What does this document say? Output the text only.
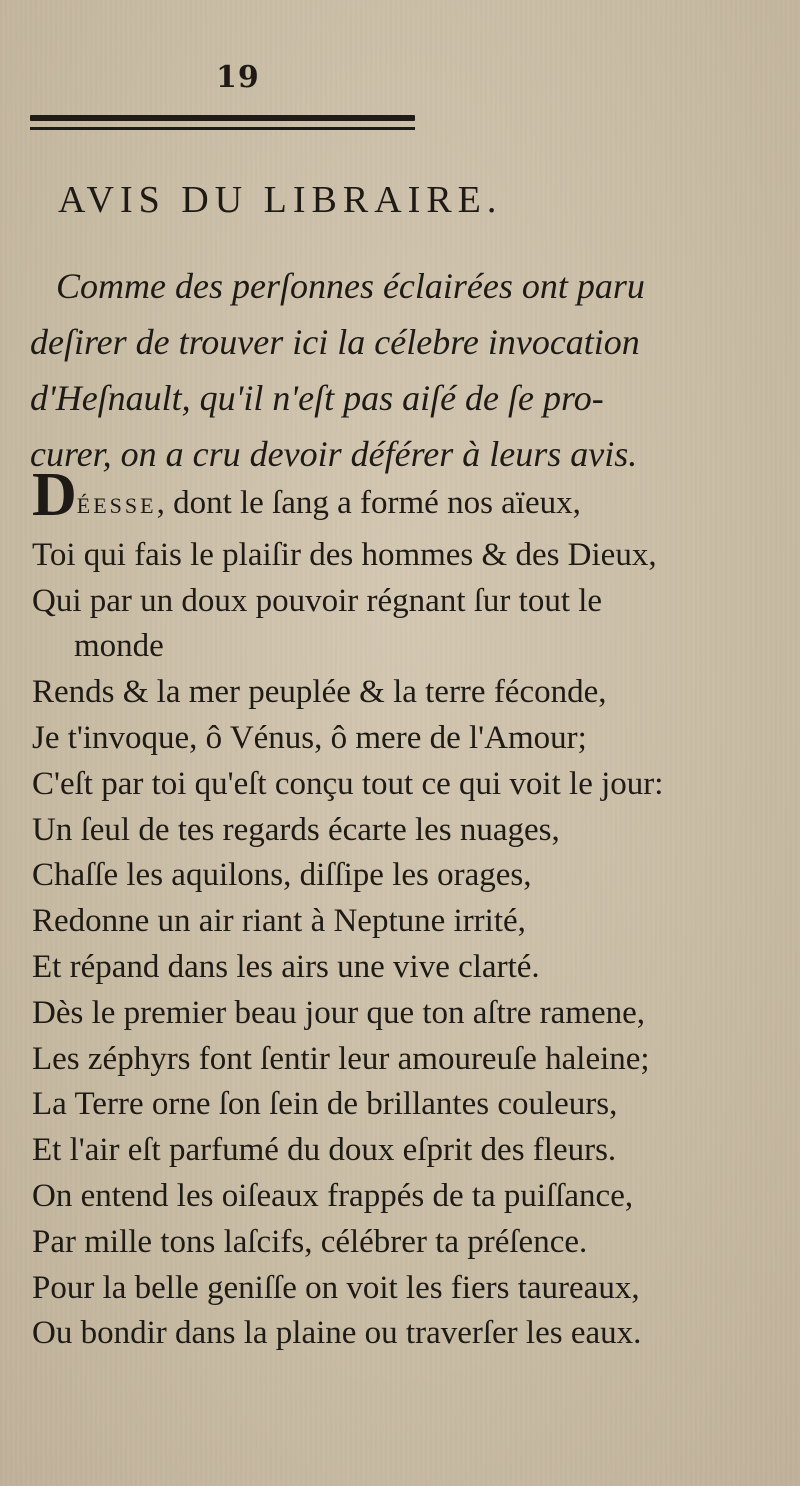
19
AVIS DU LIBRAIRE.
Comme des perſonnes éclairées ont paru
deſirer de trouver ici la célebre invocation
d'Heſnault, qu'il n'eſt pas aiſé de ſe pro-
curer, on a cru devoir déférer à leurs avis.
DÉESSE, dont le ſang a formé nos aïeux,
Toi qui fais le plaiſir des hommes & des Dieux,
Qui par un doux pouvoir régnant ſur tout le
monde
Rends & la mer peuplée & la terre féconde,
Je t'invoque, ô Vénus, ô mere de l'Amour;
C'eſt par toi qu'eſt conçu tout ce qui voit le jour:
Un ſeul de tes regards écarte les nuages,
Chaſſe les aquilons, diſſipe les orages,
Redonne un air riant à Neptune irrité,
Et répand dans les airs une vive clarté.
Dès le premier beau jour que ton aſtre ramene,
Les zéphyrs font ſentir leur amoureuſe haleine;
La Terre orne ſon ſein de brillantes couleurs,
Et l'air eſt parfumé du doux eſprit des fleurs.
On entend les oiſeaux frappés de ta puiſſance,
Par mille tons laſcifs, célébrer ta préſence.
Pour la belle geniſſe on voit les fiers taureaux,
Ou bondir dans la plaine ou traverſer les eaux.
